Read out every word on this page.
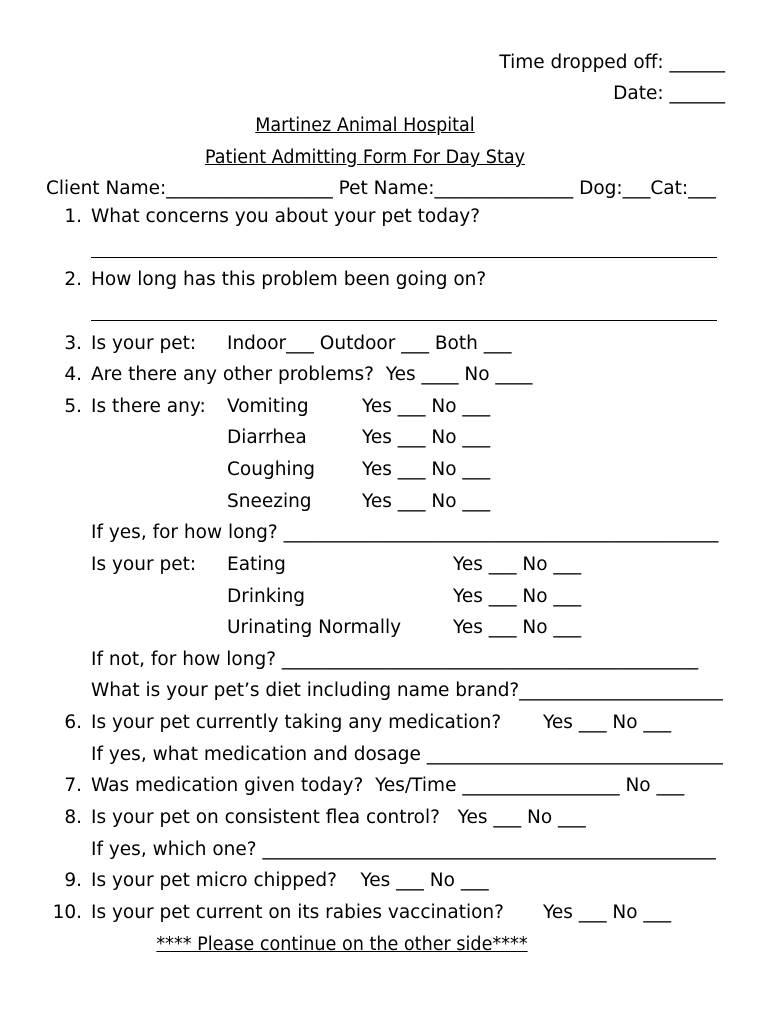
Time dropped off: ______
Date: ______
Martinez Animal Hospital
Patient Admitting Form For Day Stay
Client Name:__________________ Pet Name:_______________ Dog:___Cat:___
1. What concerns you about your pet today?
2. How long has this problem been going on?
3. Is your pet: Indoor___ Outdoor ___ Both ___
4. Are there any other problems?  Yes ____ No ____
5. Is there any: Vomiting	Yes ___ No ___
Diarrhea	Yes ___ No ___
Coughing	Yes ___ No ___
Sneezing	Yes ___ No ___
If yes, for how long? _______________________________________________
Is your pet: Eating	Yes ___ No ___
Drinking	Yes ___ No ___
Urinating Normally	Yes ___ No ___
If not, for how long? _____________________________________________
What is your pet’s diet including name brand?______________________
6. Is your pet currently taking any medication? Yes ___ No ___
If yes, what medication and dosage ________________________________
7. Was medication given today?  Yes/Time _________________ No ___
8. Is your pet on consistent flea control?   Yes ___ No ___
If yes, which one? _________________________________________________
9. Is your pet micro chipped?    Yes ___ No ___
10. Is your pet current on its rabies vaccination? Yes ___ No ___
**** Please continue on the other side****
